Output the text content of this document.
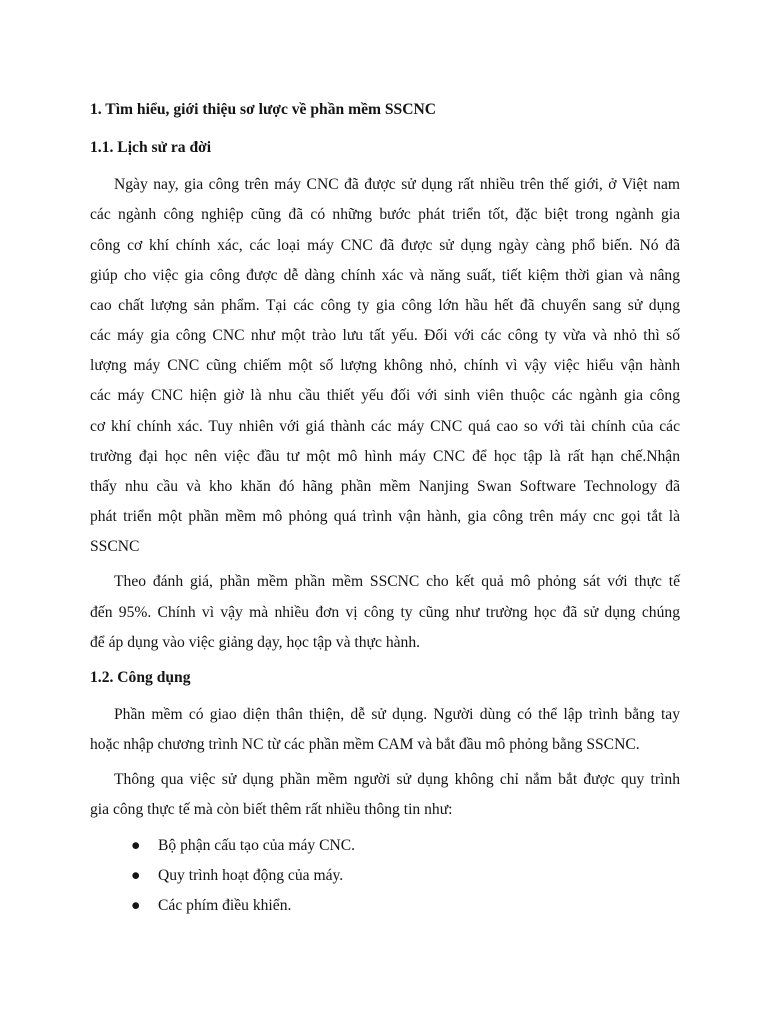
1. Tìm hiểu, giới thiệu sơ lược về phần mềm SSCNC
1.1. Lịch sử ra đời
Ngày nay, gia công trên máy CNC đã được sử dụng rất nhiều trên thế giới, ở Việt nam
các ngành công nghiệp cũng đã có những bước phát triển tốt, đặc biệt trong ngành gia
công cơ khí chính xác, các loại máy CNC đã được sử dụng ngày càng phổ biến. Nó đã
giúp cho việc gia công được dễ dàng chính xác và năng suất, tiết kiệm thời gian và nâng
cao chất lượng sản phẩm. Tại các công ty gia công lớn hầu hết đã chuyển sang sử dụng
các máy gia công CNC như một trào lưu tất yếu. Đối với các công ty vừa và nhỏ thì số
lượng máy CNC cũng chiếm một số lượng không nhỏ, chính vì vậy việc hiểu vận hành
các máy CNC hiện giờ là nhu cầu thiết yếu đối với sinh viên thuộc các ngành gia công
cơ khí chính xác. Tuy nhiên với giá thành các máy CNC quá cao so với tài chính của các
trường đại học nên việc đầu tư một mô hình máy CNC để học tập là rất hạn chế.Nhận
thấy nhu cầu và kho khăn đó hãng phần mềm Nanjing Swan Software Technology đã
phát triển một phần mềm mô phỏng quá trình vận hành, gia công trên máy cnc gọi tắt là
SSCNC
Theo đánh giá, phần mềm phần mềm SSCNC cho kết quả mô phỏng sát với thực tế
đến 95%. Chính vì vậy mà nhiều đơn vị công ty cũng như trường học đã sử dụng chúng
để áp dụng vào việc giảng dạy, học tập và thực hành.
1.2. Công dụng
Phần mềm có giao diện thân thiện, dễ sử dụng. Người dùng có thể lập trình bằng tay
hoặc nhập chương trình NC từ các phần mềm CAM và bắt đầu mô phỏng bằng SSCNC.
Thông qua việc sử dụng phần mềm người sử dụng không chỉ nắm bắt được quy trình
gia công thực tế mà còn biết thêm rất nhiều thông tin như:
● Bộ phận cấu tạo của máy CNC.
● Quy trình hoạt động của máy.
● Các phím điều khiển.
